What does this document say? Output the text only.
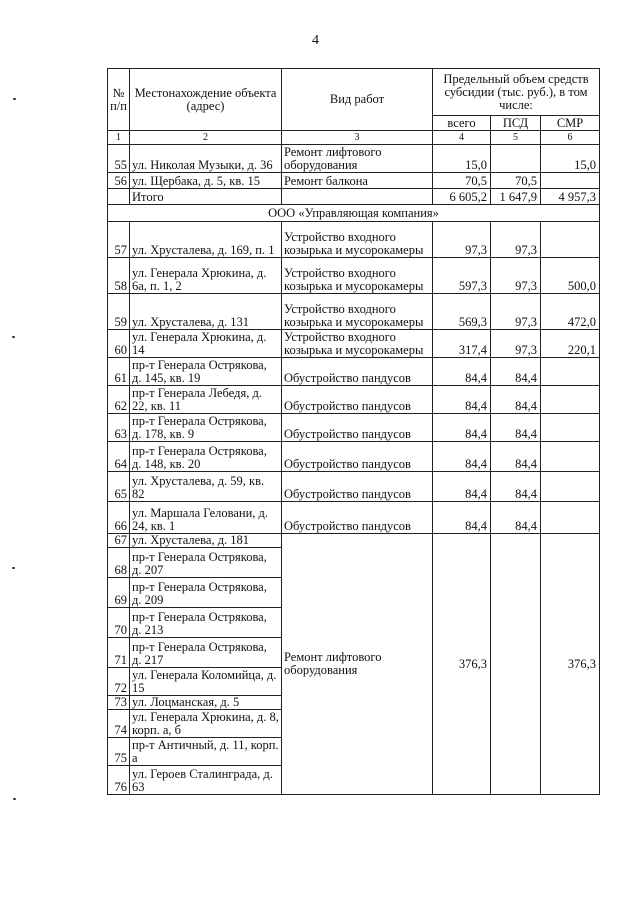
4
№ п/п	Местонахождение объекта (адрес)	Вид работ	Предельный объем средств субсидии (тыс. руб.), в том числе:		
			всего	ПСД	СМР
1	2	3	4	5	6
55	ул. Николая Музыки, д. 36	Ремонт лифтового оборудования	15,0		15,0
56	ул. Щербака, д. 5, кв. 15	Ремонт балкона	70,5	70,5	
	Итого		6 605,2	1 647,9	4 957,3
ООО «Управляющая компания»					
57	ул. Хрусталева, д. 169, п. 1	Устройство входного козырька и мусорокамеры	97,3	97,3	
58	ул. Генерала Хрюкина, д. 6а, п. 1, 2	Устройство входного козырька и мусорокамеры	597,3	97,3	500,0
59	ул. Хрусталева, д. 131	Устройство входного козырька и мусорокамеры	569,3	97,3	472,0
60	ул. Генерала Хрюкина, д. 14	Устройство входного козырька и мусорокамеры	317,4	97,3	220,1
61	пр-т Генерала Острякова, д. 145, кв. 19	Обустройство пандусов	84,4	84,4	
62	пр-т Генерала Лебедя, д. 22, кв. 11	Обустройство пандусов	84,4	84,4	
63	пр-т Генерала Острякова, д. 178, кв. 9	Обустройство пандусов	84,4	84,4	
64	пр-т Генерала Острякова, д. 148, кв. 20	Обустройство пандусов	84,4	84,4	
65	ул. Хрусталева, д. 59, кв. 82	Обустройство пандусов	84,4	84,4	
66	ул. Маршала Геловани, д. 24, кв. 1	Обустройство пандусов	84,4	84,4	
67	ул. Хрусталева, д. 181	Ремонт лифтового оборудования	376,3		376,3
68	пр-т Генерала Острякова, д. 207				
69	пр-т Генерала Острякова, д. 209				
70	пр-т Генерала Острякова, д. 213				
71	пр-т Генерала Острякова, д. 217				
72	ул. Генерала Коломийца, д. 15				
73	ул. Лоцманская, д. 5				
74	ул. Генерала Хрюкина, д. 8, корп. а, б				
75	пр-т Античный, д. 11, корп. а				
76	ул. Героев Сталинграда, д. 63				
